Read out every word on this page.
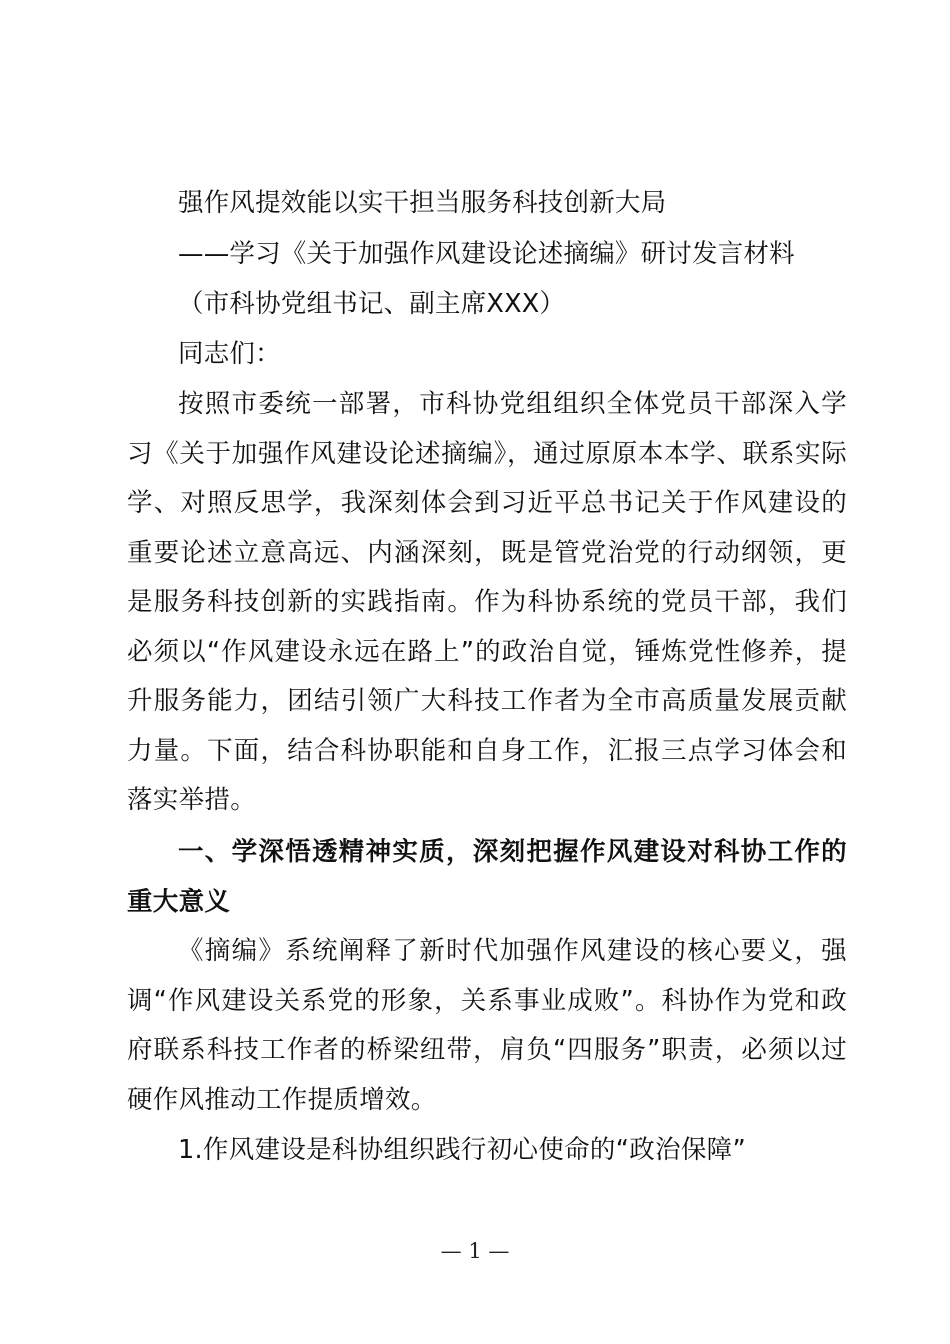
强作风提效能以实干担当服务科技创新大局
——学习《关于加强作风建设论述摘编》研讨发言材料
（市科协党组书记、副主席XXX）
同志们：
按照市委统一部署，市科协党组组织全体党员干部深入学习《关于加强作风建设论述摘编》，通过原原本本学、联系实际学、对照反思学，我深刻体会到习近平总书记关于作风建设的重要论述立意高远、内涵深刻，既是管党治党的行动纲领，更是服务科技创新的实践指南。作为科协系统的党员干部，我们必须以“作风建设永远在路上”的政治自觉，锤炼党性修养，提升服务能力，团结引领广大科技工作者为全市高质量发展贡献力量。下面，结合科协职能和自身工作，汇报三点学习体会和落实举措。
一、学深悟透精神实质，深刻把握作风建设对科协工作的重大意义
《摘编》系统阐释了新时代加强作风建设的核心要义，强调“作风建设关系党的形象，关系事业成败”。科协作为党和政府联系科技工作者的桥梁纽带，肩负“四服务”职责，必须以过硬作风推动工作提质增效。
1.作风建设是科协组织践行初心使命的“政治保障”
— 1 —
